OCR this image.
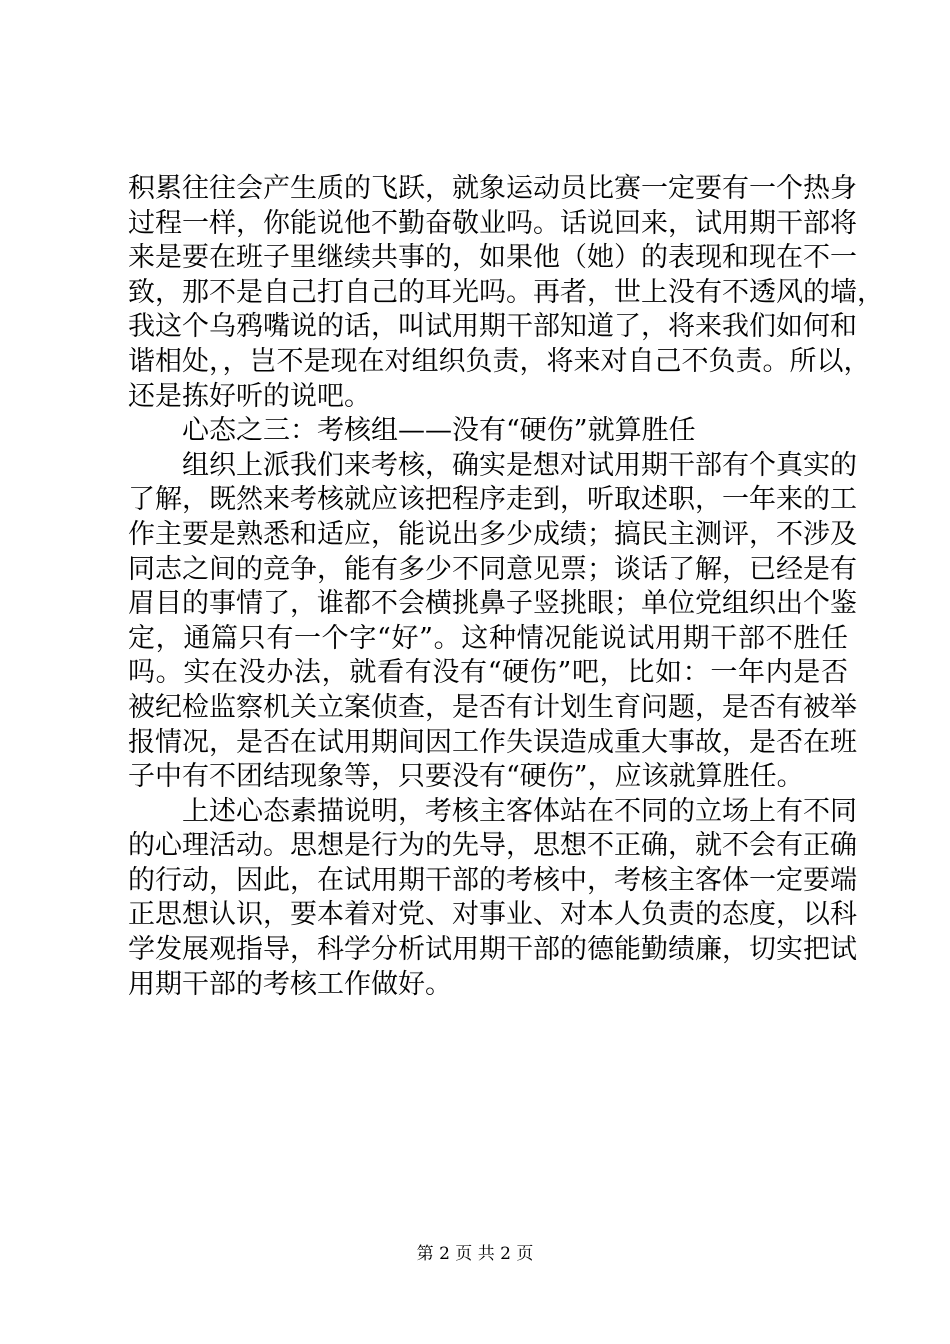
积累往往会产生质的飞跃，就象运动员比赛一定要有一个热身
过程一样，你能说他不勤奋敬业吗。话说回来，试用期干部将
来是要在班子里继续共事的，如果他（她）的表现和现在不一
致，那不是自己打自己的耳光吗。再者，世上没有不透风的墙，
我这个乌鸦嘴说的话，叫试用期干部知道了，将来我们如何和
谐相处，，岂不是现在对组织负责，将来对自己不负责。所以，
还是拣好听的说吧。
心态之三：考核组——没有“硬伤”就算胜任
组织上派我们来考核，确实是想对试用期干部有个真实的
了解，既然来考核就应该把程序走到，听取述职，一年来的工
作主要是熟悉和适应，能说出多少成绩；搞民主测评，不涉及
同志之间的竞争，能有多少不同意见票；谈话了解，已经是有
眉目的事情了，谁都不会横挑鼻子竖挑眼；单位党组织出个鉴
定，通篇只有一个字“好”。这种情况能说试用期干部不胜任
吗。实在没办法，就看有没有“硬伤”吧，比如：一年内是否
被纪检监察机关立案侦查，是否有计划生育问题，是否有被举
报情况，是否在试用期间因工作失误造成重大事故，是否在班
子中有不团结现象等，只要没有“硬伤”，应该就算胜任。
上述心态素描说明，考核主客体站在不同的立场上有不同
的心理活动。思想是行为的先导，思想不正确，就不会有正确
的行动，因此，在试用期干部的考核中，考核主客体一定要端
正思想认识，要本着对党、对事业、对本人负责的态度，以科
学发展观指导，科学分析试用期干部的德能勤绩廉，切实把试
用期干部的考核工作做好。
第 2 页 共 2 页
